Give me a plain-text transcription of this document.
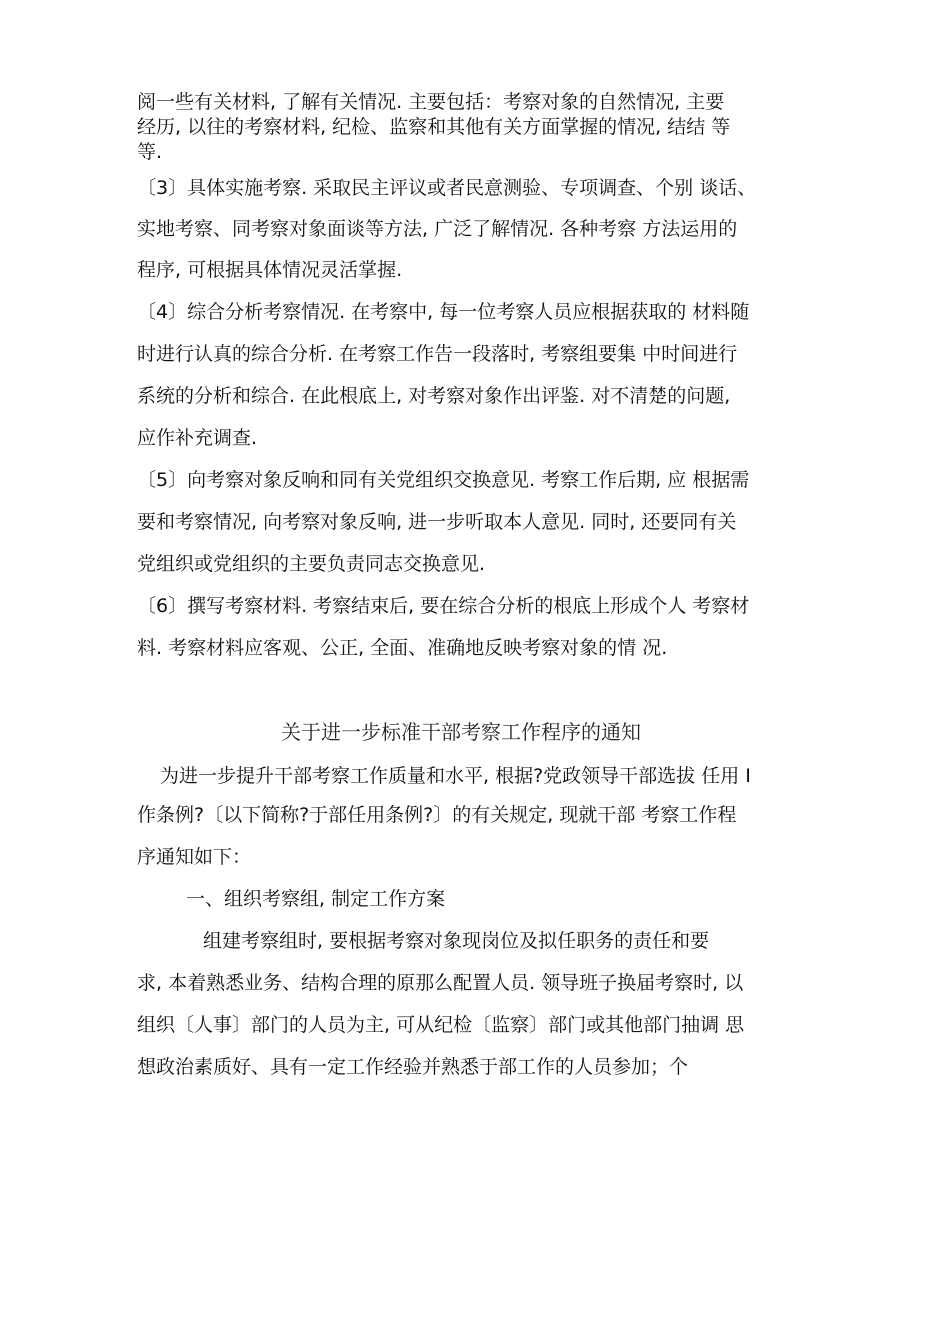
阅一些有关材料, 了解有关情况. 主要包括：考察对象的自然情况, 主要
经历, 以往的考察材料, 纪检、监察和其他有关方面掌握的情况, 结结 等
等.
〔3〕具体实施考察. 采取民主评议或者民意测验、专项调查、个别 谈话、
实地考察、同考察对象面谈等方法, 广泛了解情况. 各种考察 方法运用的
程序, 可根据具体情况灵活掌握.
〔4〕综合分析考察情况. 在考察中, 每一位考察人员应根据获取的 材料随
时进行认真的综合分析. 在考察工作告一段落时, 考察组要集 中时间进行
系统的分析和综合. 在此根底上, 对考察对象作出评鉴. 对不清楚的问题,
应作补充调查.
〔5〕向考察对象反响和同有关党组织交换意见. 考察工作后期, 应 根据需
要和考察情况, 向考察对象反响, 进一步听取本人意见. 同时, 还要同有关
党组织或党组织的主要负责同志交换意见.
〔6〕撰写考察材料. 考察结束后, 要在综合分析的根底上形成个人 考察材
料. 考察材料应客观、公正, 全面、准确地反映考察对象的情 况.
关于进一步标准干部考察工作程序的通知
为进一步提升干部考察工作质量和水平, 根据?党政领导干部选拔 任用 I
作条例?〔以下简称?于部任用条例?〕的有关规定, 现就干部 考察工作程
序通知如下：
一、组织考察组, 制定工作方案
组建考察组时, 要根据考察对象现岗位及拟任职务的责任和要
求, 本着熟悉业务、结构合理的原那么配置人员. 领导班子换届考察时, 以
组织〔人事〕部门的人员为主, 可从纪检〔监察〕部门或其他部门抽调 思
想政治素质好、具有一定工作经验并熟悉于部工作的人员参加；个
